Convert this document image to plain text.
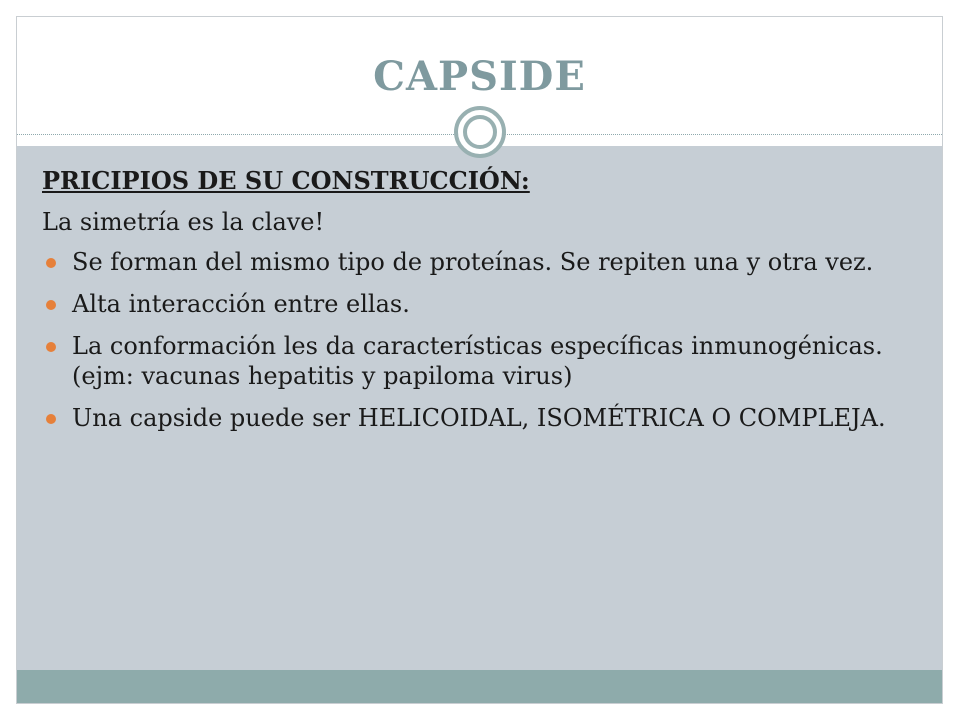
CAPSIDE
PRICIPIOS DE SU CONSTRUCCIÓN:
La simetría es la clave!
Se forman del mismo tipo de proteínas. Se repiten una y otra vez.
Alta interacción entre ellas.
La conformación les da características específicas inmunogénicas. (ejm: vacunas hepatitis y papiloma virus)
Una capside puede ser HELICOIDAL, ISOMÉTRICA O COMPLEJA.
